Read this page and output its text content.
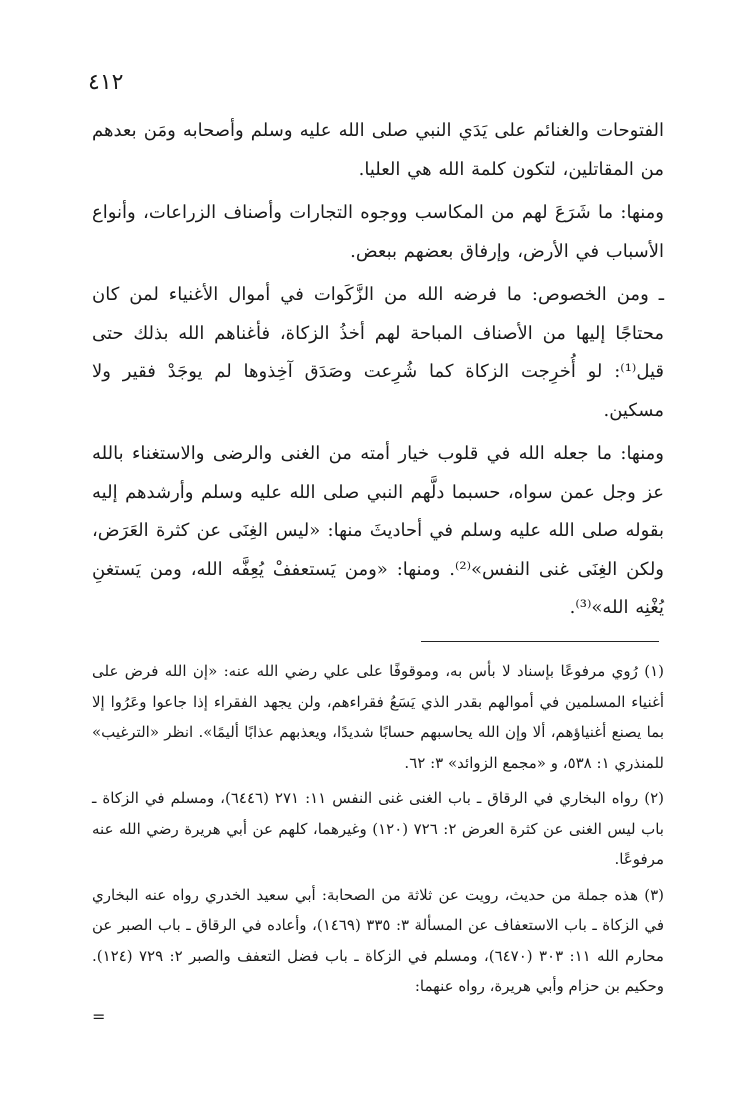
٤١٢

الفتوحات والغنائم على يَدَي النبي صلى الله عليه وسلم وأصحابه ومَن بعدهم من المقاتلين، لتكون كلمة الله هي العليا.

ومنها: ما شَرَعَ لهم من المكاسب ووجوه التجارات وأصناف الزراعات، وأنواع الأسباب في الأرض، وإرفاق بعضهم ببعض.

ـ ومن الخصوص: ما فرضه الله من الزَّكَوات في أموال الأغنياء لمن كان محتاجًا إليها من الأصناف المباحة لهم أخذُ الزكاة، فأغناهم الله بذلك حتى قيل⁽¹⁾: لو أُخرِجت الزكاة كما شُرِعت وصَدَق آخِذوها لم يوجَدْ فقير ولا مسكين.

ومنها: ما جعله الله في قلوب خيار أمته من الغنى والرضى والاستغناء بالله عز وجل عمن سواه، حسبما دلَّهم النبي صلى الله عليه وسلم وأرشدهم إليه بقوله صلى الله عليه وسلم في أحاديثَ منها: «ليس الغِنَى عن كثرة العَرَض، ولكن الغِنَى غنى النفس»⁽²⁾. ومنها: «ومن يَستعففْ يُعِفَّه الله، ومن يَستغنِ يُغْنِه الله»⁽³⁾.

(١) رُوي مرفوعًا بإسناد لا بأس به، وموقوفًا على علي رضي الله عنه: «إن الله فرض على أغنياء المسلمين في أموالهم بقدر الذي يَسَعُ فقراءهم، ولن يجهد الفقراء إذا جاعوا وعَرُوا إلا بما يصنع أغنياؤهم، ألا وإن الله يحاسبهم حسابًا شديدًا، ويعذبهم عذابًا أليمًا». انظر «الترغيب» للمنذري ١: ٥٣٨، و «مجمع الزوائد» ٣: ٦٢.

(٢) رواه البخاري في الرقاق ـ باب الغنى غنى النفس ١١: ٢٧١ (٦٤٤٦)، ومسلم في الزكاة ـ باب ليس الغنى عن كثرة العرض ٢: ٧٢٦ (١٢٠) وغيرهما، كلهم عن أبي هريرة رضي الله عنه مرفوعًا.

(٣) هذه جملة من حديث، رويت عن ثلاثة من الصحابة: أبي سعيد الخدري رواه عنه البخاري في الزكاة ـ باب الاستعفاف عن المسألة ٣: ٣٣٥ (١٤٦٩)، وأعاده في الرقاق ـ باب الصبر عن محارم الله ١١: ٣٠٣ (٦٤٧٠)، ومسلم في الزكاة ـ باب فضل التعفف والصبر ٢: ٧٢٩ (١٢٤). وحكيم بن حزام وأبي هريرة، رواه عنهما:

=
